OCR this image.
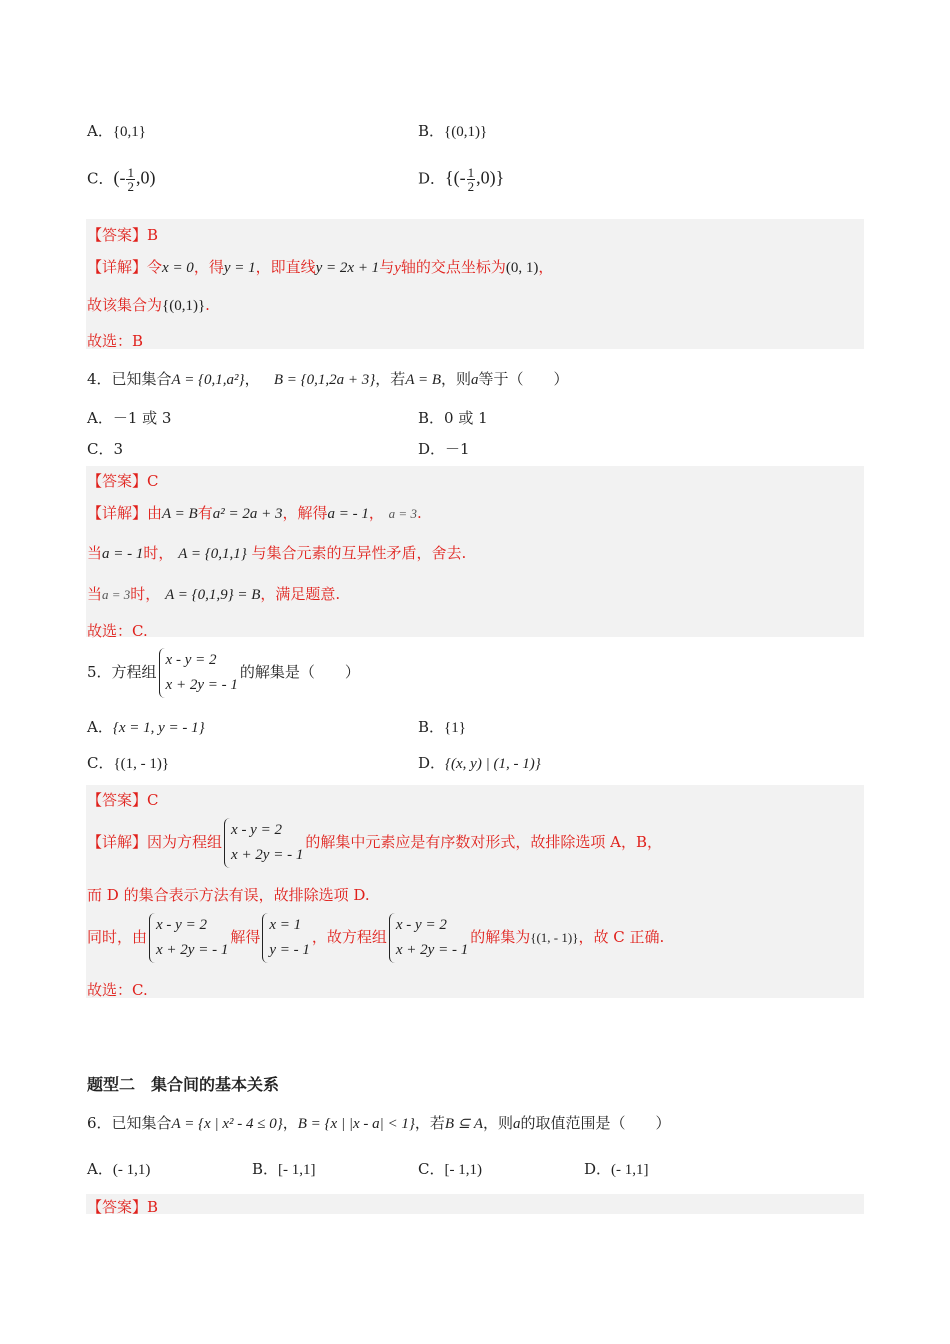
A．{0,1}	B．{(0,1)}
C．(- $\frac{1}{2} ,0$)	D．{(- $\frac{1}{2} ,0$)}
【答案】B
【详解】令x = 0，得y = 1，即直线y = 2x + 1与y轴的交点坐标为(0, 1)，
故该集合为{(0,1)}.
故选：B
4．已知集合A = {0,1,a²}， B = {0,1,2a + 3}，若A = B，则a等于（　　）
A．－1 或 3	B．0 或 1
C．3	D．－1
【答案】C
【详解】由A = B有a² = 2a + 3，解得a = - 1， a = 3.
当a = - 1时， A = {0,1,1} 与集合元素的互异性矛盾，舍去.
当a = 3时， A = {0,1,9} = B，满足题意.
故选：C.
5．方程组
x - y = 2
x + 2y = - 1
的解集是（　　）
A．{x = 1, y = - 1}	B．{1}
C．{(1, - 1)}	D．{(x, y) | (1, - 1)}
【答案】C
【详解】因为方程组
x - y = 2
x + 2y = - 1
的解集中元素应是有序数对形式，故排除选项 A，B，
而 D 的集合表示方法有误，故排除选项 D.
同时，由
x - y = 2
x + 2y = - 1
解得
x = 1
y = - 1
，故方程组
x - y = 2
x + 2y = - 1
的解集为{(1, - 1)}，故 C 正确.
故选：C.
题型二　集合间的基本关系
6．已知集合A = {x | x² - 4 ≤ 0}，B = {x | |x - a| < 1}，若B ⊆ A，则a的取值范围是（　　）
A．(- 1,1)	B．[- 1,1]	C．[- 1,1)	D．(- 1,1]
【答案】B
